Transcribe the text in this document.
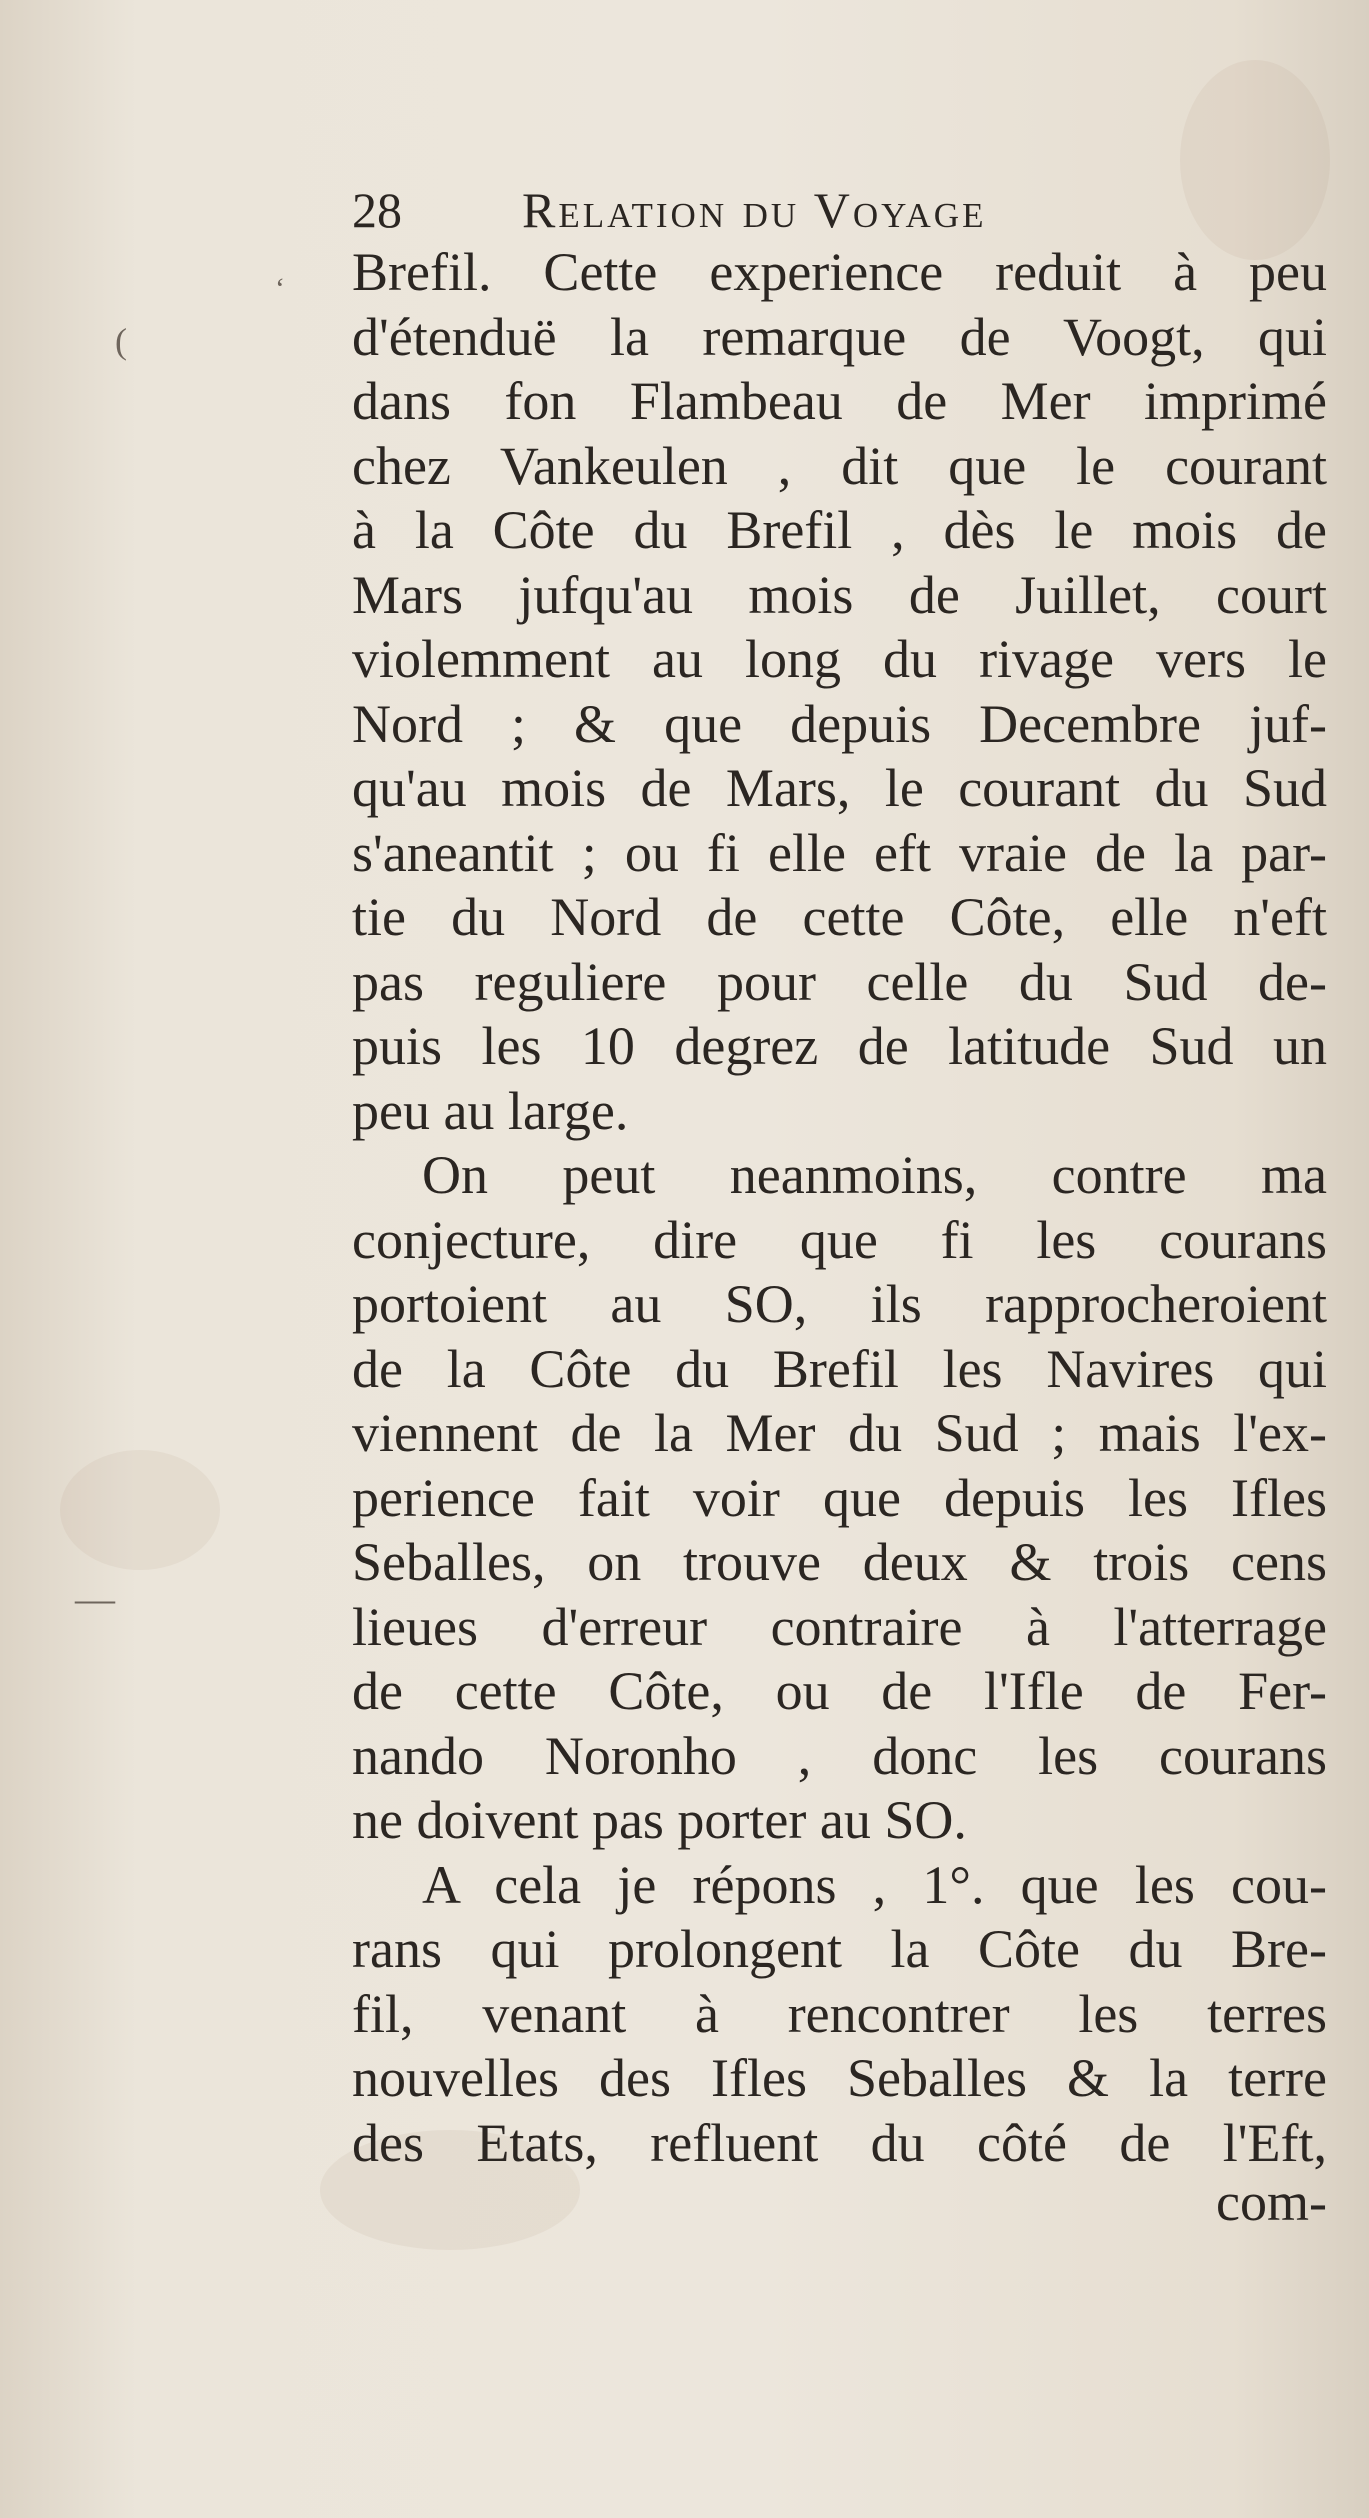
‘
(
—
28 Relation du Voyage
Brefil. Cette experience reduit à peu
d'étenduë la remarque de Voogt, qui
dans fon Flambeau de Mer imprimé
chez Vankeulen , dit que le courant
à la Côte du Brefil , dès le mois de
Mars jufqu'au mois de Juillet, court
violemment au long du rivage vers le
Nord ; & que depuis Decembre juf-
qu'au mois de Mars, le courant du Sud
s'aneantit ; ou fi elle eft vraie de la par-
tie du Nord de cette Côte, elle n'eft
pas reguliere pour celle du Sud de-
puis les 10 degrez de latitude Sud un
peu au large.
On peut neanmoins, contre ma
conjecture, dire que fi les courans
portoient au SO, ils rapprocheroient
de la Côte du Brefil les Navires qui
viennent de la Mer du Sud ; mais l'ex-
perience fait voir que depuis les Ifles
Seballes, on trouve deux & trois cens
lieues d'erreur contraire à l'atterrage
de cette Côte, ou de l'Ifle de Fer-
nando Noronho , donc les courans
ne doivent pas porter au SO.
A cela je répons , 1°. que les cou-
rans qui prolongent la Côte du Bre-
fil, venant à rencontrer les terres
nouvelles des Ifles Seballes & la terre
des Etats, refluent du côté de l'Eft,
com-
